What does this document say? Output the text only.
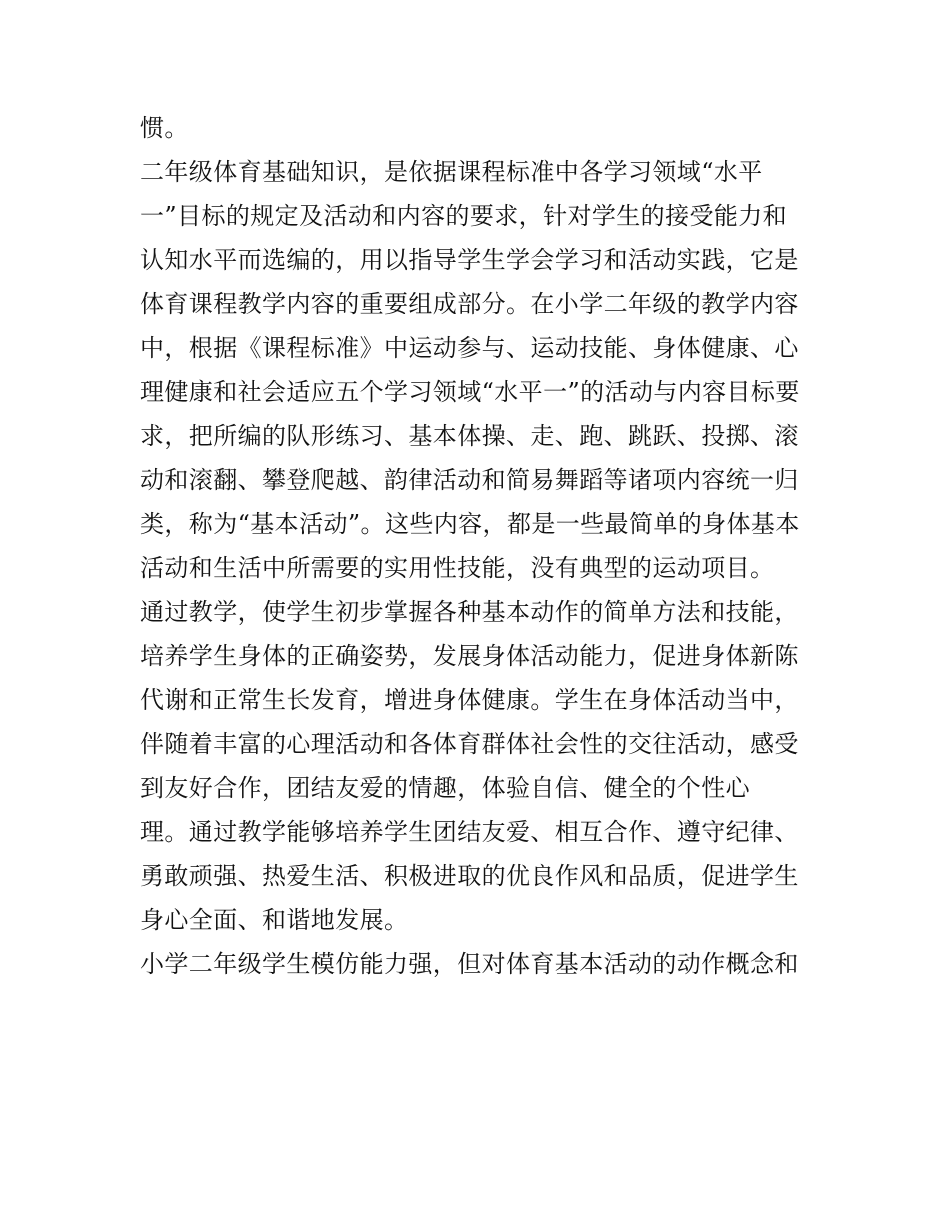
惯。
二年级体育基础知识，是依据课程标准中各学习领域“水平
一”目标的规定及活动和内容的要求，针对学生的接受能力和
认知水平而选编的，用以指导学生学会学习和活动实践，它是
体育课程教学内容的重要组成部分。在小学二年级的教学内容
中，根据《课程标准》中运动参与、运动技能、身体健康、心
理健康和社会适应五个学习领域“水平一”的活动与内容目标要
求，把所编的队形练习、基本体操、走、跑、跳跃、投掷、滚
动和滚翻、攀登爬越、韵律活动和简易舞蹈等诸项内容统一归
类，称为“基本活动”。这些内容，都是一些最简单的身体基本
活动和生活中所需要的实用性技能，没有典型的运动项目。
通过教学，使学生初步掌握各种基本动作的简单方法和技能，
培养学生身体的正确姿势，发展身体活动能力，促进身体新陈
代谢和正常生长发育，增进身体健康。学生在身体活动当中，
伴随着丰富的心理活动和各体育群体社会性的交往活动，感受
到友好合作，团结友爱的情趣，体验自信、健全的个性心
理。通过教学能够培养学生团结友爱、相互合作、遵守纪律、
勇敢顽强、热爱生活、积极进取的优良作风和品质，促进学生
身心全面、和谐地发展。
小学二年级学生模仿能力强，但对体育基本活动的动作概念和
